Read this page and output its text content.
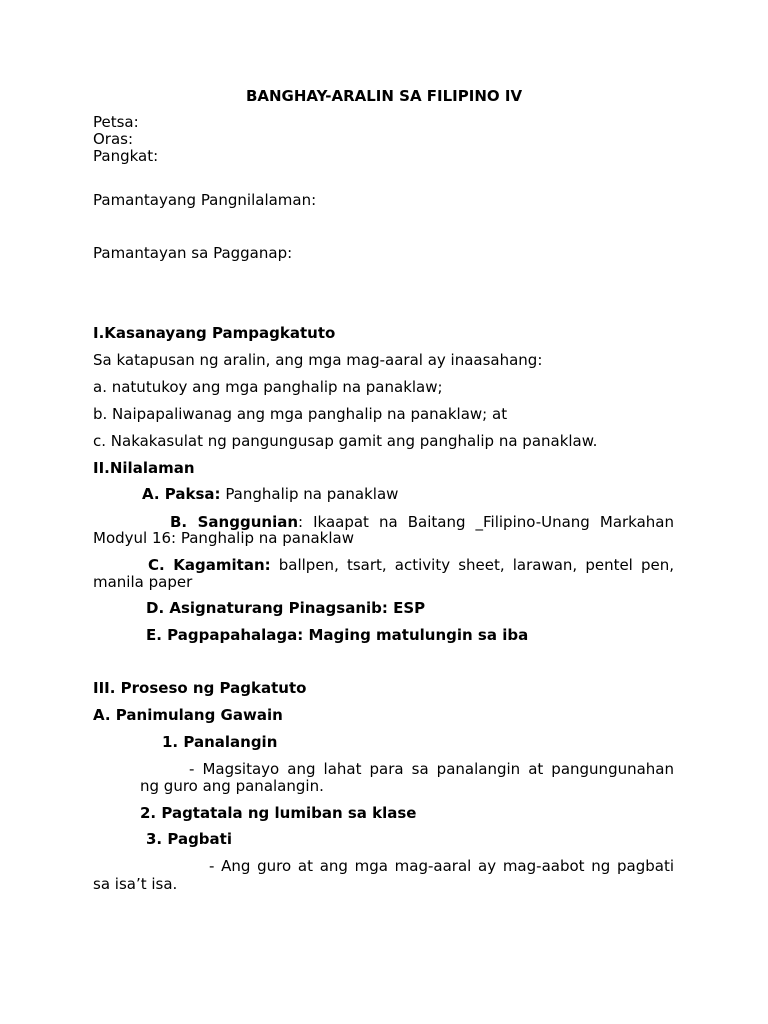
BANGHAY-ARALIN SA FILIPINO IV
Petsa:
Oras:
Pangkat:
Pamantayang Pangnilalaman:
Pamantayan sa Pagganap:
I.Kasanayang Pampagkatuto
Sa katapusan ng aralin, ang mga mag-aaral ay inaasahang:
a. natutukoy ang mga panghalip na panaklaw;
b. Naipapaliwanag ang mga panghalip na panaklaw; at
c. Nakakasulat ng pangungusap gamit ang panghalip na panaklaw.
II.Nilalaman
A. Paksa: Panghalip na panaklaw
B. Sanggunian: Ikaapat na Baitang _Filipino-Unang Markahan
Modyul 16: Panghalip na panaklaw
C. Kagamitan: ballpen, tsart, activity sheet, larawan, pentel pen,
manila paper
D. Asignaturang Pinagsanib: ESP
E. Pagpapahalaga: Maging matulungin sa iba
III. Proseso ng Pagkatuto
A. Panimulang Gawain
1. Panalangin
- Magsitayo ang lahat para sa panalangin at pangungunahan
ng guro ang panalangin.
2. Pagtatala ng lumiban sa klase
3. Pagbati
- Ang guro at ang mga mag-aaral ay mag-aabot ng pagbati
sa isa’t isa.
